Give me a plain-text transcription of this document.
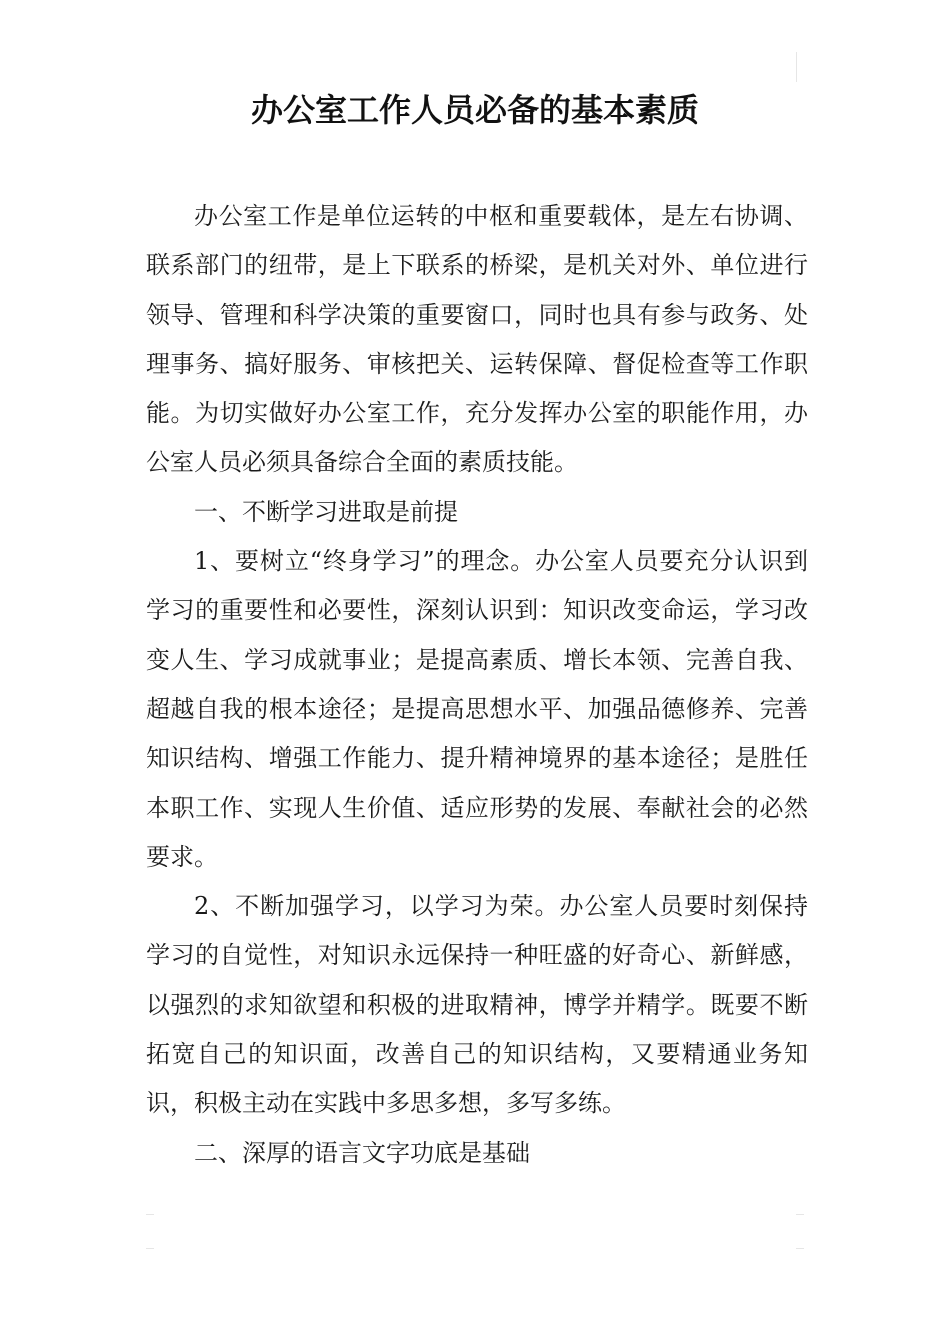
办公室工作人员必备的基本素质

办公室工作是单位运转的中枢和重要载体，是左右协调、联系部门的纽带，是上下联系的桥梁，是机关对外、单位进行领导、管理和科学决策的重要窗口，同时也具有参与政务、处理事务、搞好服务、审核把关、运转保障、督促检查等工作职能。为切实做好办公室工作，充分发挥办公室的职能作用，办公室人员必须具备综合全面的素质技能。

一、不断学习进取是前提

1、要树立“终身学习”的理念。办公室人员要充分认识到学习的重要性和必要性，深刻认识到：知识改变命运，学习改变人生、学习成就事业；是提高素质、增长本领、完善自我、超越自我的根本途径；是提高思想水平、加强品德修养、完善知识结构、增强工作能力、提升精神境界的基本途径；是胜任本职工作、实现人生价值、适应形势的发展、奉献社会的必然要求。

2、不断加强学习，以学习为荣。办公室人员要时刻保持学习的自觉性，对知识永远保持一种旺盛的好奇心、新鲜感，以强烈的求知欲望和积极的进取精神，博学并精学。既要不断拓宽自己的知识面，改善自己的知识结构，又要精通业务知识，积极主动在实践中多思多想，多写多练。

二、深厚的语言文字功底是基础
